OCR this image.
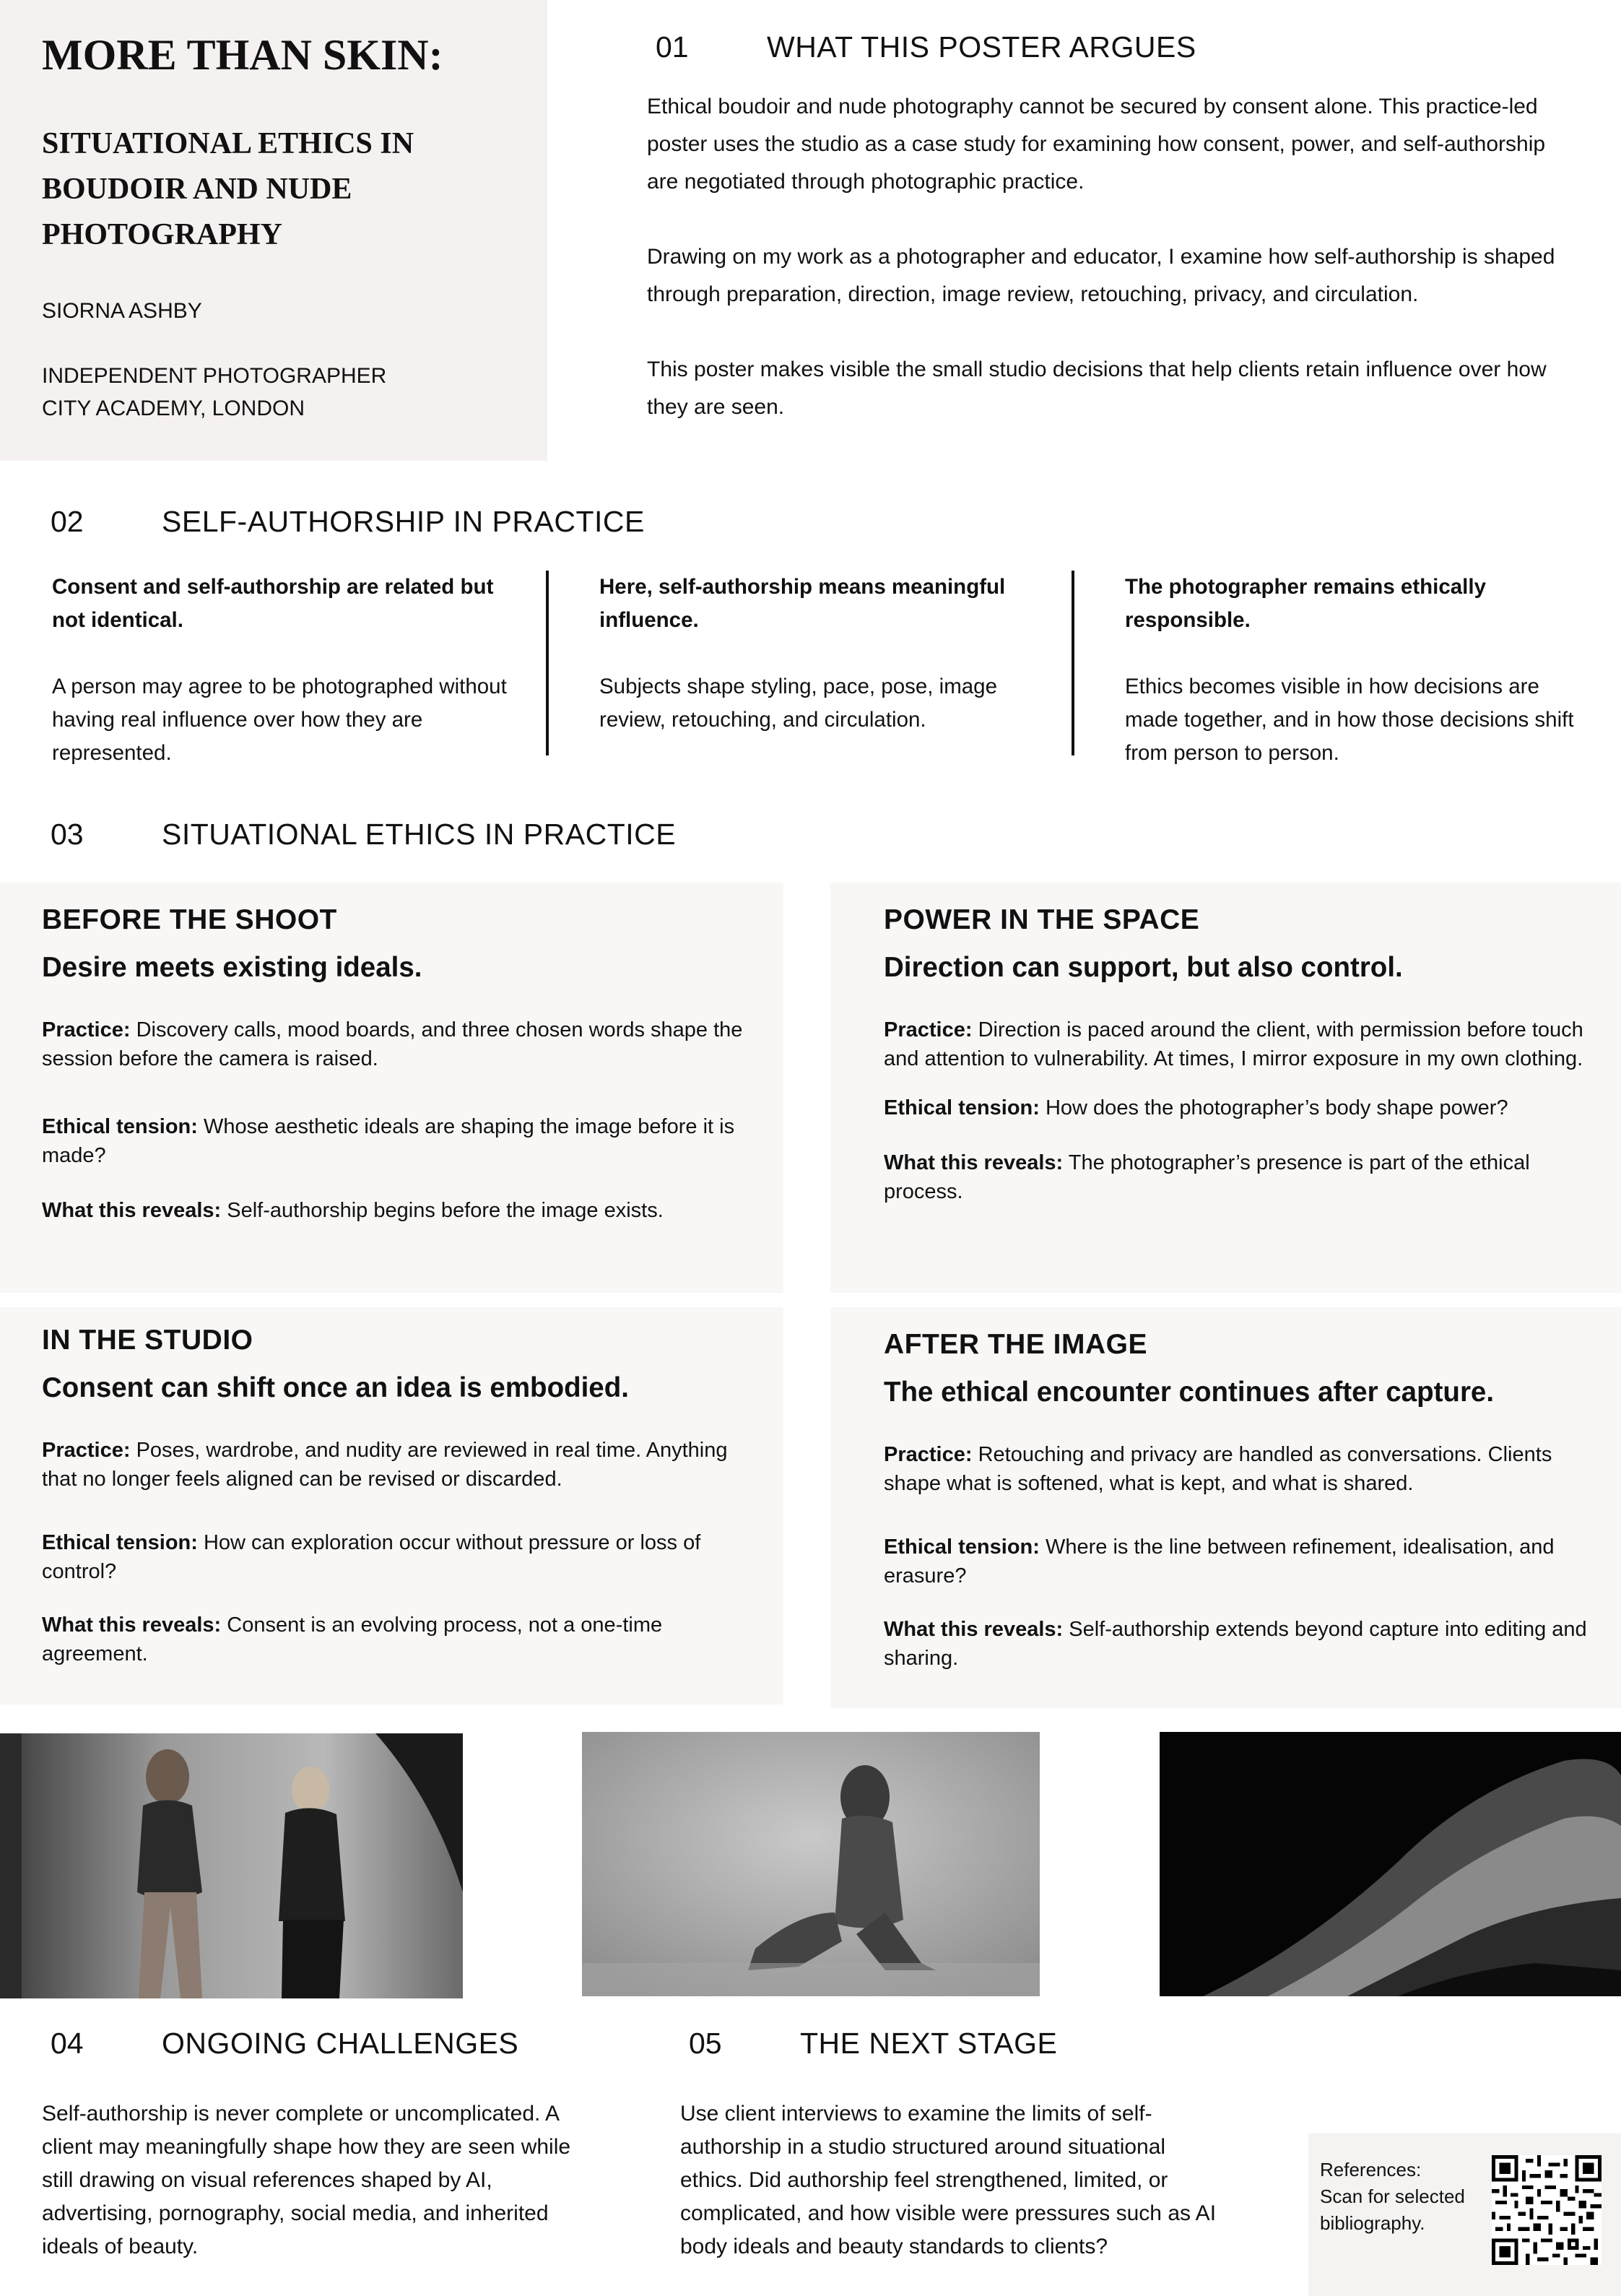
MORE THAN SKIN:
SITUATIONAL ETHICS IN
BOUDOIR AND NUDE
PHOTOGRAPHY

SIORNA ASHBY

INDEPENDENT PHOTOGRAPHER
CITY ACADEMY, LONDON

01	WHAT THIS POSTER ARGUES

Ethical boudoir and nude photography cannot be secured by consent alone. This practice-led poster uses the studio as a case study for examining how consent, power, and self-authorship are negotiated through photographic practice.

Drawing on my work as a photographer and educator, I examine how self-authorship is shaped through preparation, direction, image review, retouching, privacy, and circulation.

This poster makes visible the small studio decisions that help clients retain influence over how they are seen.

02	SELF-AUTHORSHIP IN PRACTICE

Consent and self-authorship are related but not identical.

A person may agree to be photographed without having real influence over how they are represented.

Here, self-authorship means meaningful influence.

Subjects shape styling, pace, pose, image review, retouching, and circulation.

The photographer remains ethically responsible.

Ethics becomes visible in how decisions are made together, and in how those decisions shift from person to person.

03	SITUATIONAL ETHICS IN PRACTICE

BEFORE THE SHOOT

Desire meets existing ideals.

Practice: Discovery calls, mood boards, and three chosen words shape the session before the camera is raised.

Ethical tension: Whose aesthetic ideals are shaping the image before it is made?

What this reveals: Self-authorship begins before the image exists.

POWER IN THE SPACE

Direction can support, but also control.

Practice: Direction is paced around the client, with permission before touch and attention to vulnerability. At times, I mirror exposure in my own clothing.

Ethical tension: How does the photographer’s body shape power?

What this reveals: The photographer’s presence is part of the ethical process.

IN THE STUDIO

Consent can shift once an idea is embodied.

Practice: Poses, wardrobe, and nudity are reviewed in real time. Anything that no longer feels aligned can be revised or discarded.

Ethical tension: How can exploration occur without pressure or loss of control?

What this reveals: Consent is an evolving process, not a one-time agreement.

AFTER THE IMAGE

The ethical encounter continues after capture.

Practice: Retouching and privacy are handled as conversations. Clients shape what is softened, what is kept, and what is shared.

Ethical tension: Where is the line between refinement, idealisation, and erasure?

What this reveals: Self-authorship extends beyond capture into editing and sharing.

04	ONGOING CHALLENGES

Self-authorship is never complete or uncomplicated. A client may meaningfully shape how they are seen while still drawing on visual references shaped by AI, advertising, pornography, social media, and inherited ideals of beauty.

05	THE NEXT STAGE

Use client interviews to examine the limits of self-authorship in a studio structured around situational ethics. Did authorship feel strengthened, limited, or complicated, and how visible were pressures such as AI body ideals and beauty standards to clients?

References:
Scan for selected
bibliography.
